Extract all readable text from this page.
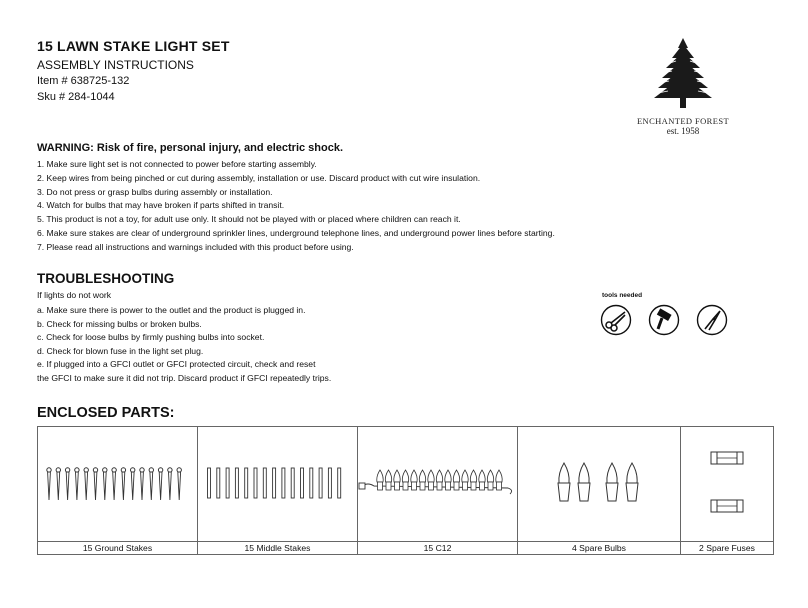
15 LAWN STAKE LIGHT SET
ASSEMBLY INSTRUCTIONS
Item # 638725-132
Sku # 284-1044
ENCHANTED FOREST
est. 1958
WARNING: Risk of fire, personal injury, and electric shock.
1. Make sure light set is not connected to power before starting assembly.
2. Keep wires from being pinched or cut during assembly, installation or use. Discard product with cut wire insulation.
3. Do not press or grasp bulbs during assembly or installation.
4. Watch for bulbs that may have broken if parts shifted in transit.
5. This product is not a toy, for adult use only. It should not be played with or placed where children can reach it.
6. Make sure stakes are clear of underground sprinkler lines, underground telephone lines, and underground power lines before starting.
7. Please read all instructions and warnings included with this product before using.
TROUBLESHOOTING
If lights do not work
a. Make sure there is power to the outlet and the product is plugged in.
b. Check for missing bulbs or broken bulbs.
c. Check for loose bulbs by firmly pushing bulbs into socket.
d. Check for blown fuse in the light set plug.
e. If plugged into a GFCI outlet or GFCI protected circuit, check and reset
the GFCI to make sure it did not trip. Discard product if GFCI repeatedly trips.
tools needed
ENCLOSED PARTS:

15 Ground Stakes	15 Middle Stakes	15 C12	4 Spare Bulbs	2 Spare Fuses
